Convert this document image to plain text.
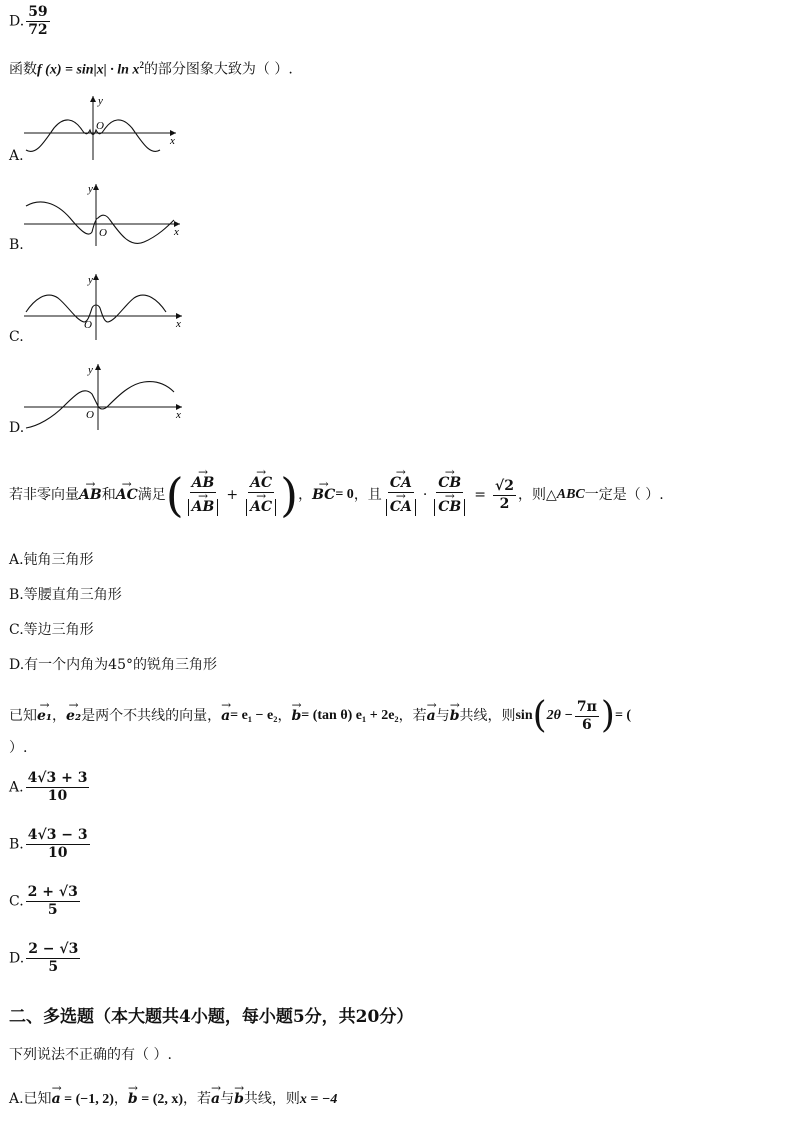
D. $\frac{59}{72}$
函数f $(x) = \sin|x| \cdot \ln x^2$的部分图象大致为（ ）.
A.
y
x
O
B.
y
x
O
C.
y
x
O
D.
y
x
O
若非零向量 → AB 和 → AC 满足 ( → AB
→ AB + → AC
→ AC ) ， → BC = 0 ，且 → CA
→ CA · → CB
→ CB = $\frac{√2}{2}$ ，则△ ABC 一定是（ ）.
A.钝角三角形
B.等腰直角三角形
C.等边三角形
D.有一个内角为45°的锐角三角形
已知 → e₁ ， → e₂ 是两个不共线的向量， → a = e₁ − e₂ ， → b = (tan θ) e₁ + 2e₂ ，若 → a 与 → b 共线，则 sin ( $2\theta - \frac{7\pi}{6}$ ) = (
）.
A. $\frac{4√3 + 3}{10}$
B. $\frac{4√3 - 3}{10}$
C. $\frac{2 + √3}{5}$
D. $\frac{2 - √3}{5}$
二、多选题（本大题共4小题，每小题5分，共20分）
下列说法不正确的有（ ）.
A.已知→ a = (−1, 2)，→ b = (2, x)，若→ a与→ b共线，则x = −4
